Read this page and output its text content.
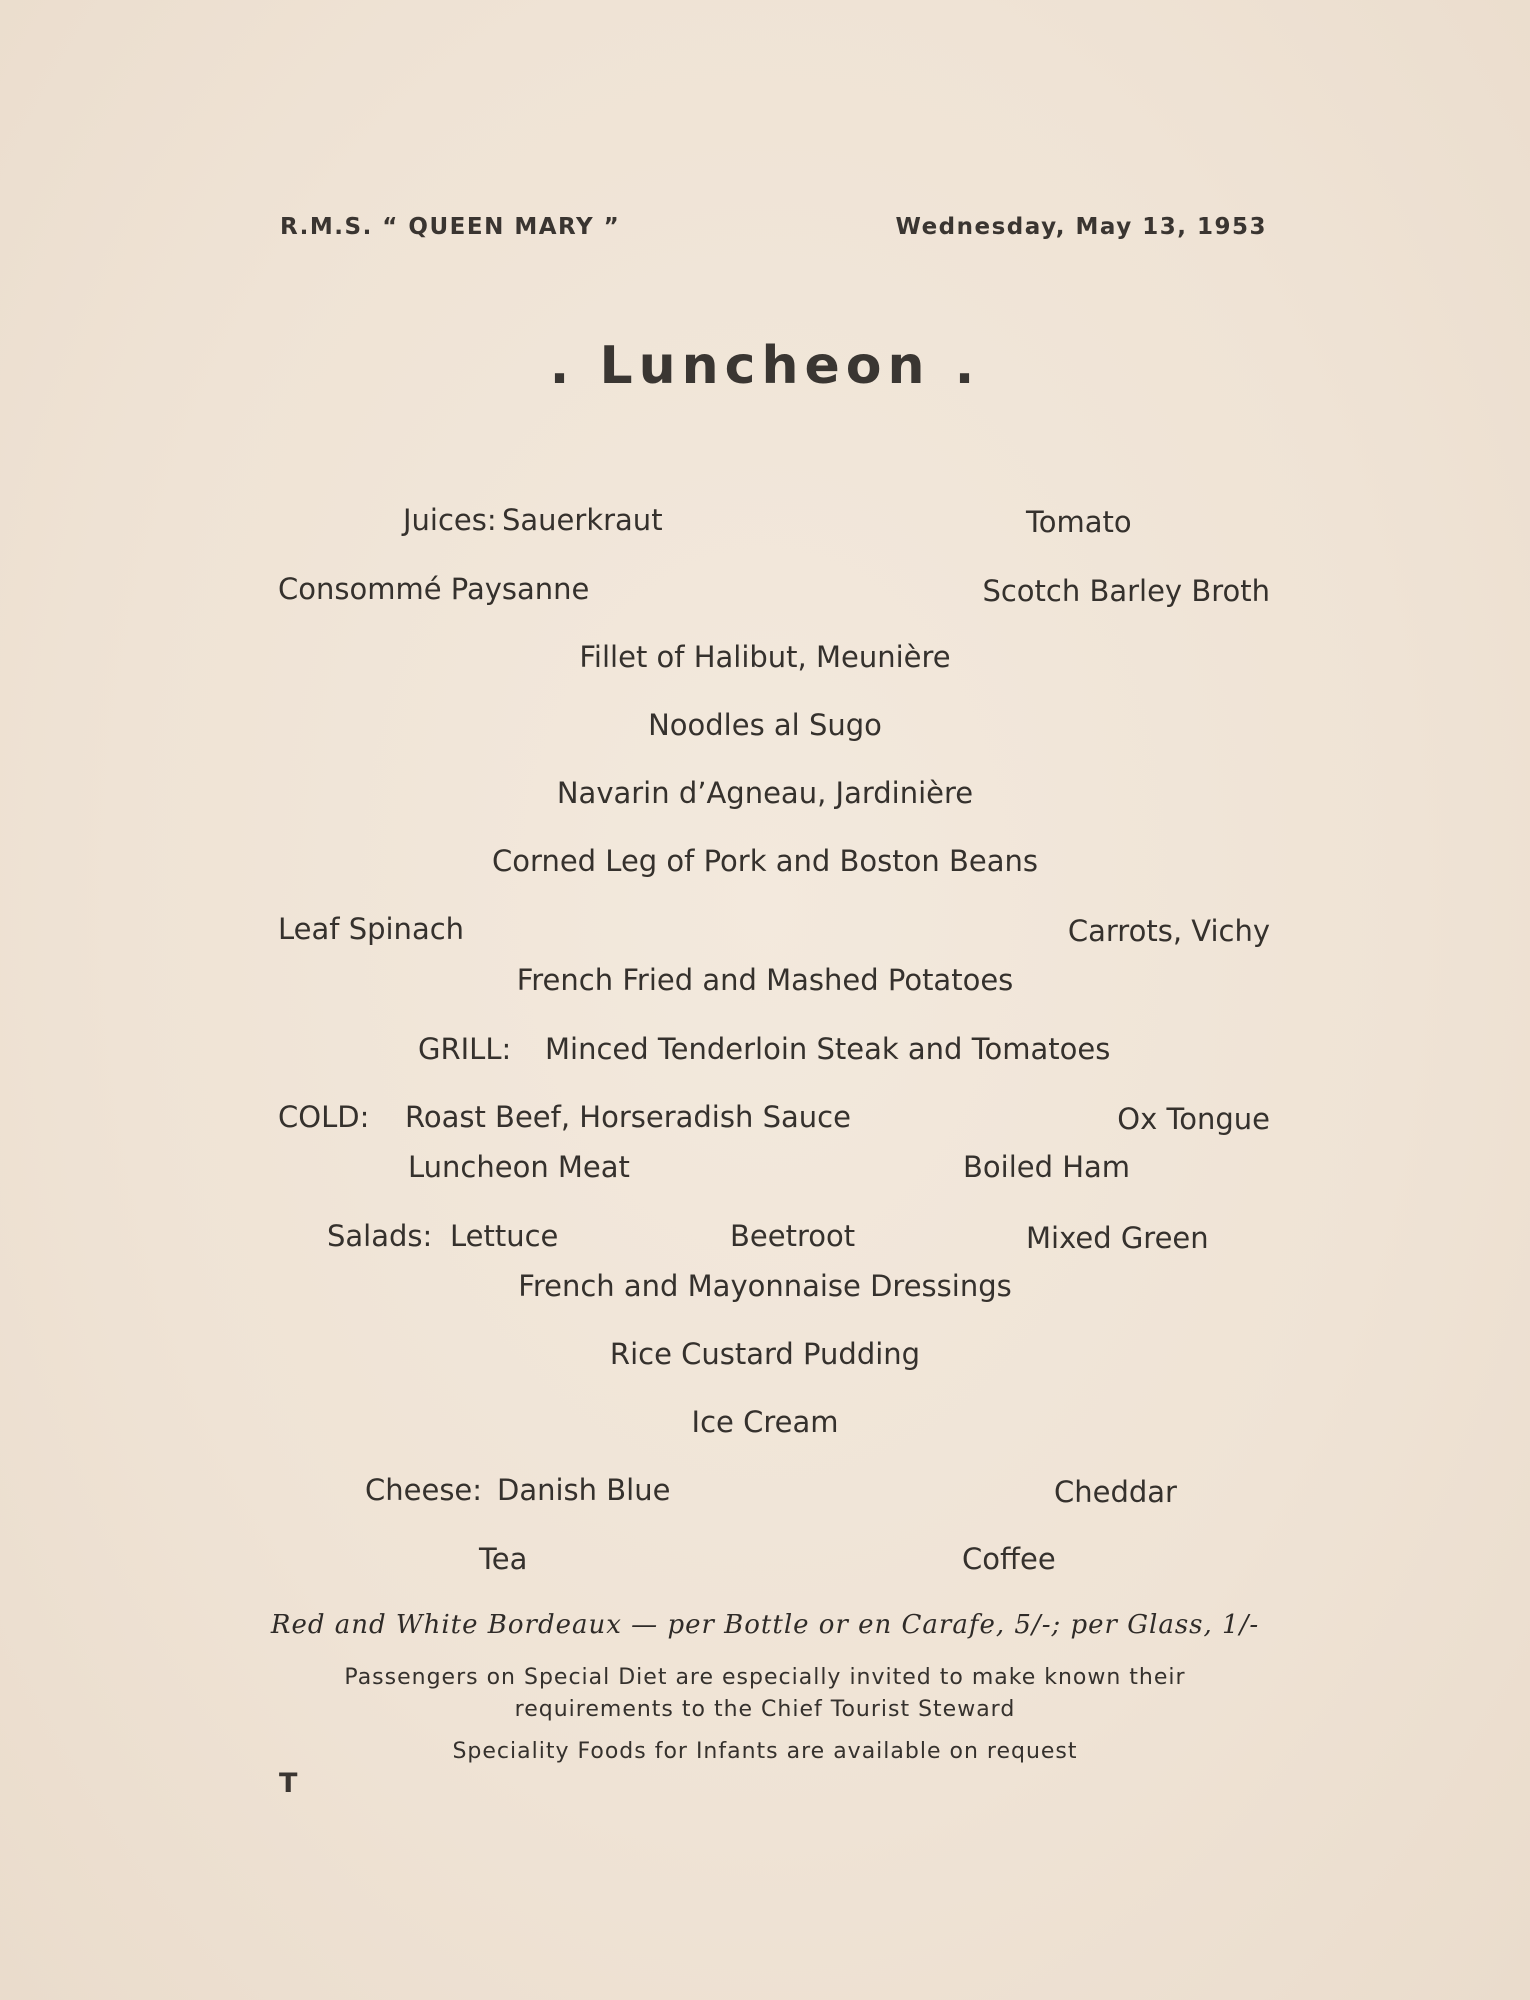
R.M.S. “ QUEEN MARY ”	Wednesday, May 13, 1953
. Luncheon .
Juices: Sauerkraut	Tomato
Consommé Paysanne	Scotch Barley Broth
Fillet of Halibut, Meunière
Noodles al Sugo
Navarin d’Agneau, Jardinière
Corned Leg of Pork and Boston Beans
Leaf Spinach	Carrots, Vichy
French Fried and Mashed Potatoes
GRILL: Minced Tenderloin Steak and Tomatoes
COLD: Roast Beef, Horseradish Sauce	Ox Tongue
Luncheon Meat	Boiled Ham
Salads: Lettuce	Beetroot	Mixed Green
French and Mayonnaise Dressings
Rice Custard Pudding
Ice Cream
Cheese: Danish Blue	Cheddar
Tea	Coffee
Red and White Bordeaux — per Bottle or en Carafe, 5/-; per Glass, 1/-
Passengers on Special Diet are especially invited to make known their
requirements to the Chief Tourist Steward
Speciality Foods for Infants are available on request
T
